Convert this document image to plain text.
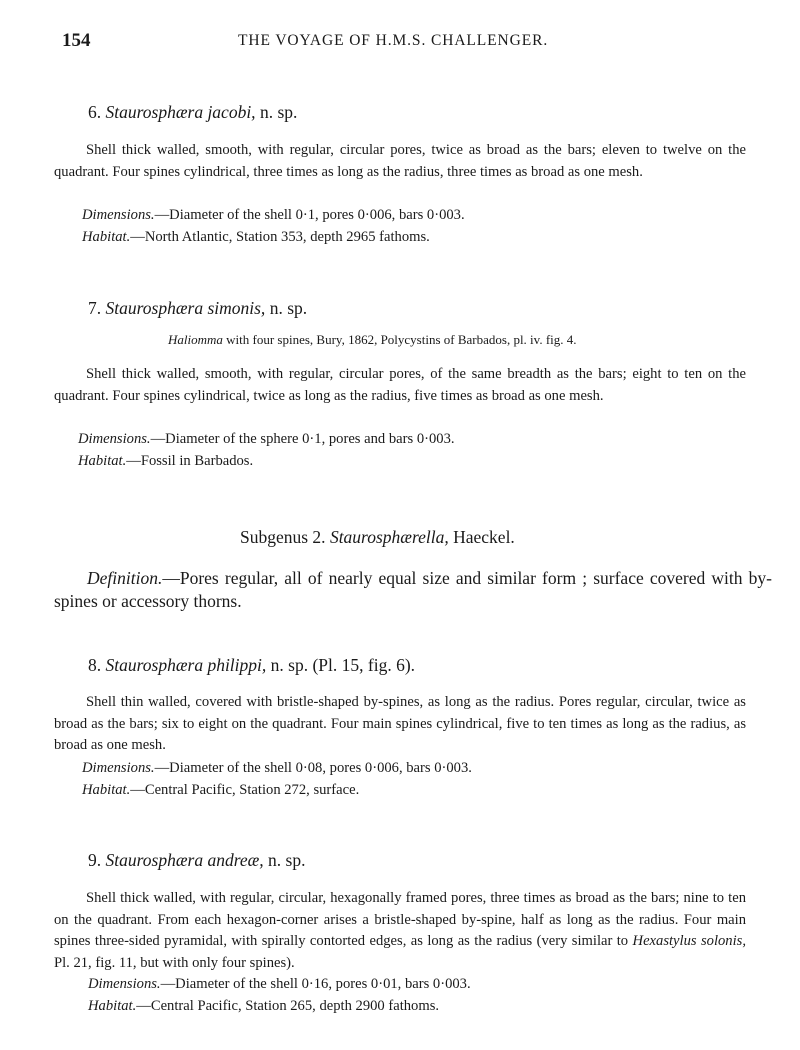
154	THE VOYAGE OF H.M.S. CHALLENGER.
6. Staurosphæra jacobi, n. sp.

Shell thick walled, smooth, with regular, circular pores, twice as broad as the bars; eleven to twelve on the quadrant. Four spines cylindrical, three times as long as the radius, three times as broad as one mesh.

Dimensions.—Diameter of the shell 0·1, pores 0·006, bars 0·003.
Habitat.—North Atlantic, Station 353, depth 2965 fathoms.
7. Staurosphæra simonis, n. sp.
Haliomma with four spines, Bury, 1862, Polycystins of Barbados, pl. iv. fig. 4.

Shell thick walled, smooth, with regular, circular pores, of the same breadth as the bars; eight to ten on the quadrant. Four spines cylindrical, twice as long as the radius, five times as broad as one mesh.

Dimensions.—Diameter of the sphere 0·1, pores and bars 0·003.
Habitat.—Fossil in Barbados.
Subgenus 2. Staurosphærella, Haeckel.

Definition.—Pores regular, all of nearly equal size and similar form ; surface covered with by-spines or accessory thorns.

8. Staurosphæra philippi, n. sp. (Pl. 15, fig. 6).

Shell thin walled, covered with bristle-shaped by-spines, as long as the radius. Pores regular, circular, twice as broad as the bars; six to eight on the quadrant. Four main spines cylindrical, five to ten times as long as the radius, as broad as one mesh.

Dimensions.—Diameter of the shell 0·08, pores 0·006, bars 0·003.
Habitat.—Central Pacific, Station 272, surface.
9. Staurosphæra andreæ, n. sp.

Shell thick walled, with regular, circular, hexagonally framed pores, three times as broad as the bars; nine to ten on the quadrant. From each hexagon-corner arises a bristle-shaped by-spine, half as long as the radius. Four main spines three-sided pyramidal, with spirally contorted edges, as long as the radius (very similar to Hexastylus solonis, Pl. 21, fig. 11, but with only four spines).

Dimensions.—Diameter of the shell 0·16, pores 0·01, bars 0·003.
Habitat.—Central Pacific, Station 265, depth 2900 fathoms.
